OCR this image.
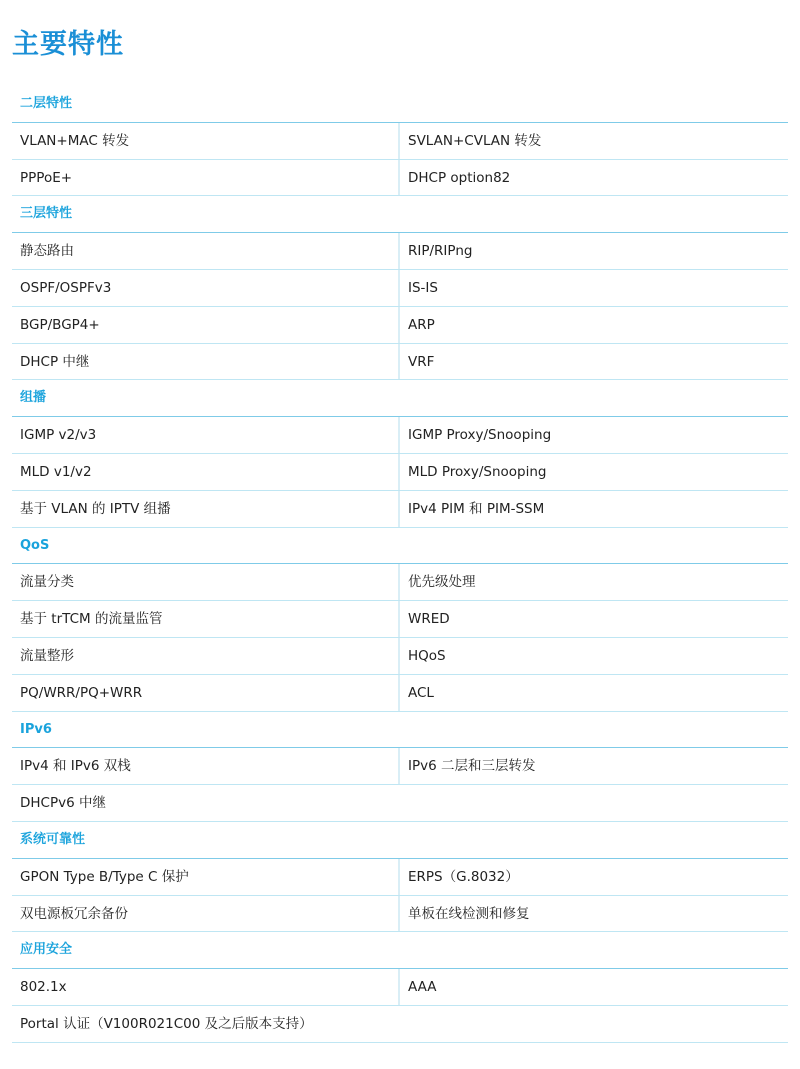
主要特性
二层特性
VLAN+MAC 转发	SVLAN+CVLAN 转发
PPPoE+	DHCP option82
三层特性
静态路由	RIP/RIPng
OSPF/OSPFv3	IS-IS
BGP/BGP4+	ARP
DHCP 中继	VRF
组播
IGMP v2/v3	IGMP Proxy/Snooping
MLD v1/v2	MLD Proxy/Snooping
基于 VLAN 的 IPTV 组播	IPv4 PIM 和 PIM-SSM
QoS
流量分类	优先级处理
基于 trTCM 的流量监管	WRED
流量整形	HQoS
PQ/WRR/PQ+WRR	ACL
IPv6
IPv4 和 IPv6 双栈	IPv6 二层和三层转发
DHCPv6 中继
系统可靠性
GPON Type B/Type C 保护	ERPS（G.8032）
双电源板冗余备份	单板在线检测和修复
应用安全
802.1x	AAA
Portal 认证（V100R021C00 及之后版本支持）
